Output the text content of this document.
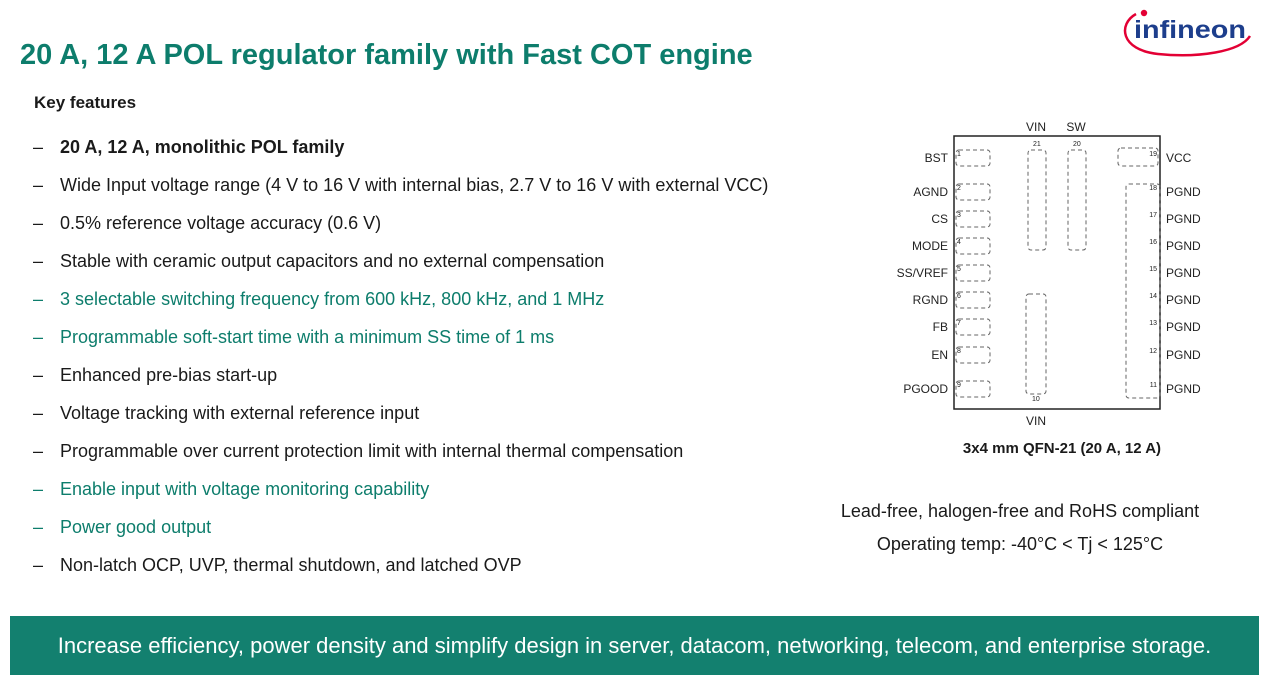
20 A, 12 A POL regulator family with Fast COT engine
infineon
Key features
– 20 A, 12 A, monolithic POL family
– Wide Input voltage range (4 V to 16 V with internal bias, 2.7 V to 16 V with external VCC)
– 0.5% reference voltage accuracy (0.6 V)
– Stable with ceramic output capacitors and no external compensation
– 3 selectable switching frequency from 600 kHz, 800 kHz, and 1 MHz
– Programmable soft-start time with a minimum SS time of 1 ms
– Enhanced pre-bias start-up
– Voltage tracking with external reference input
– Programmable over current protection limit with internal thermal compensation
– Enable input with voltage monitoring capability
– Power good output
– Non-latch OCP, UVP, thermal shutdown, and latched OVP
VIN SW
VIN
21	20
10
BST 1
AGND 2
CS 3
MODE 4
SS/VREF 5
RGND 6
FB 7
EN 8
PGOOD 9
VCC
19
PGND
18
PGND
17
PGND
16
PGND
15
PGND
14
PGND
13
PGND
12
PGND
11
3x4 mm QFN-21 (20 A, 12 A)
Lead-free, halogen-free and RoHS compliant
Operating temp: -40°C < Tj < 125°C
Increase efficiency, power density and simplify design in server, datacom, networking, telecom, and enterprise storage.
